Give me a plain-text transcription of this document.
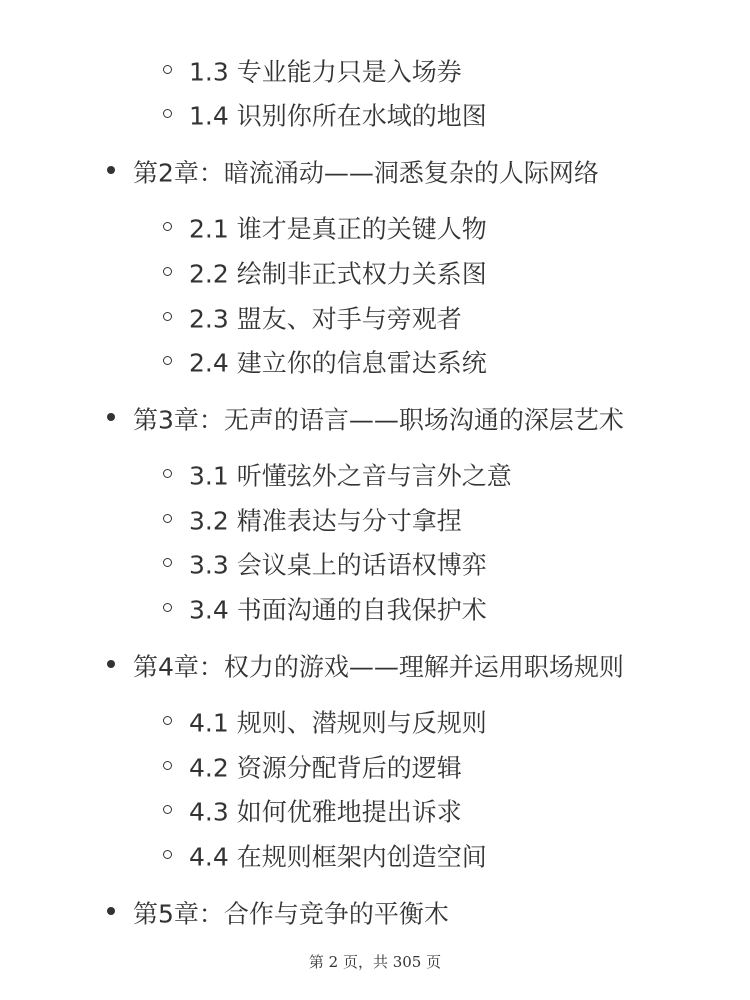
1.3 专业能力只是入场券
1.4 识别你所在水域的地图
第2章：暗流涌动——洞悉复杂的人际网络
2.1 谁才是真正的关键人物
2.2 绘制非正式权力关系图
2.3 盟友、对手与旁观者
2.4 建立你的信息雷达系统
第3章：无声的语言——职场沟通的深层艺术
3.1 听懂弦外之音与言外之意
3.2 精准表达与分寸拿捏
3.3 会议桌上的话语权博弈
3.4 书面沟通的自我保护术
第4章：权力的游戏——理解并运用职场规则
4.1 规则、潜规则与反规则
4.2 资源分配背后的逻辑
4.3 如何优雅地提出诉求
4.4 在规则框架内创造空间
第5章：合作与竞争的平衡木
第 2 页，共 305 页
